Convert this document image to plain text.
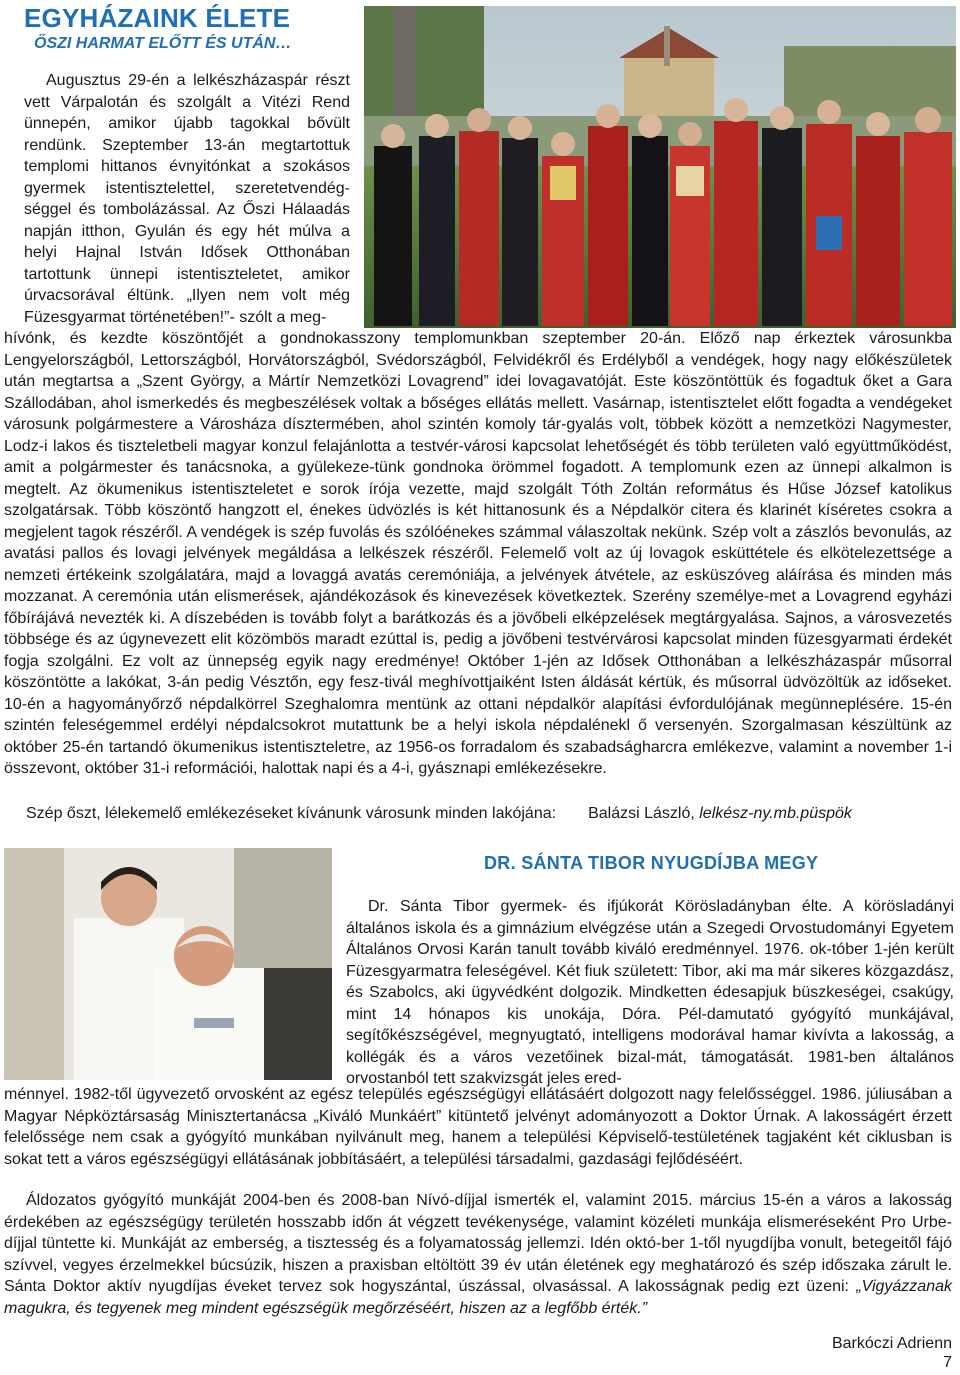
EGYHÁZAINK ÉLETE
ŐSZI HARMAT ELŐTT ÉS UTÁN…

Augusztus 29-én a lelkészházaspár részt vett Várpalotán és szolgált a Vitézi Rend ünnepén, amikor újabb tagokkal bővült rendünk. Szeptember 13-án megtartottuk templomi hittanos évnyitónkat a szokásos gyermek istentisztelettel, szeretetvendég-séggel és tombolázással. Az Őszi Hálaadás napján itthon, Gyulán és egy hét múlva a helyi Hajnal István Idősek Otthonában tartottunk ünnepi istentiszteletet, amikor úrvacsorával éltünk. „Ilyen nem volt még Füzesgyarmat történetében!”- szólt a meg-

hívónk, és kezdte köszöntőjét a gondnokasszony templomunkban szeptember 20-án. Előző nap érkeztek városunkba Lengyelországból, Lettországból, Horvátországból, Svédországból, Felvidékről és Erdélyből a vendégek, hogy nagy előkészületek után megtartsa a „Szent György, a Mártír Nemzetközi Lovagrend” idei lovagavatóját. Este köszöntöttük és fogadtuk őket a Gara Szállodában, ahol ismerkedés és megbeszélések voltak a bőséges ellátás mellett. Vasárnap, istentisztelet előtt fogadta a vendégeket városunk polgármestere a Városháza dísztermében, ahol szintén komoly tár-gyalás volt, többek között a nemzetközi Nagymester, Lodz-i lakos és tiszteletbeli magyar konzul felajánlotta a testvér-városi kapcsolat lehetőségét és több területen való együttműködést, amit a polgármester és tanácsnoka, a gyülekeze-tünk gondnoka örömmel fogadott. A templomunk ezen az ünnepi alkalmon is megtelt. Az ökumenikus istentiszteletet e sorok írója vezette, majd szolgált Tóth Zoltán református és Hűse József katolikus szolgatársak. Több köszöntő hangzott el, énekes üdvözlés is két hittanosunk és a Népdalkör citera és klarinét kíséretes csokra a megjelent tagok részéről. A vendégek is szép fuvolás és szólóénekes számmal válaszoltak nekünk. Szép volt a zászlós bevonulás, az avatási pallos és lovagi jelvények megáldása a lelkészek részéről. Felemelő volt az új lovagok esküttétele és elkötelezettsége a nemzeti értékeink szolgálatára, majd a lovaggá avatás ceremóniája, a jelvények átvétele, az esküszóveg aláírása és minden más mozzanat. A ceremónia után elismerések, ajándékozások és kinevezések következtek. Szerény személye-met a Lovagrend egyházi főbírájává nevezték ki. A díszebéden is tovább folyt a barátkozás és a jövőbeli elképzelések megtárgyalása. Sajnos, a városvezetés többsége és az úgynevezett elit közömbös maradt ezúttal is, pedig a jövőbeni testvérvárosi kapcsolat minden füzesgyarmati érdekét fogja szolgálni. Ez volt az ünnepség egyik nagy eredménye! Október 1-jén az Idősek Otthonában a lelkészházaspár műsorral köszöntötte a lakókat, 3-án pedig Vésztőn, egy fesz-tivál meghívottjaiként Isten áldását kértük, és műsorral üdvözöltük az időseket. 10-én a hagyományőrző népdalkörrel Szeghalomra mentünk az ottani népdalkör alapítási évfordulójának megünneplésére. 15-én szintén feleségemmel erdélyi népdalcsokrot mutattunk be a helyi iskola népdalénekl ő versenyén. Szorgalmasan készültünk az október 25-én tartandó ökumenikus istentiszteletre, az 1956-os forradalom és szabadságharcra emlékezve, valamint a november 1-i összevont, október 31-i reformációi, halottak napi és a 4-i, gyásznapi emlékezésekre.

Szép őszt, lélekemelő emlékezéseket kívánunk városunk minden lakójána: Balázsi László, lelkész-ny.mb.püspök

DR. SÁNTA TIBOR NYUGDÍJBA MEGY

Dr. Sánta Tibor gyermek- és ifjúkorát Körösladányban élte. A körösladányi általános iskola és a gimnázium elvégzése után a Szegedi Orvostudományi Egyetem Általános Orvosi Karán tanult tovább kiváló eredménnyel. 1976. ok-tóber 1-jén került Füzesgyarmatra feleségével. Két fiuk született: Tibor, aki ma már sikeres közgazdász, és Szabolcs, aki ügyvédként dolgozik. Mindketten édesapjuk büszkeségei, csakúgy, mint 14 hónapos kis unokája, Dóra. Pél-damutató gyógyító munkájával, segítőkészségével, megnyugtató, intelligens modorával hamar kivívta a lakosság, a kollégák és a város vezetőinek bizal-mát, támogatását. 1981-ben általános orvostanból tett szakvizsgát jeles ered-

ménnyel. 1982-től ügyvezető orvosként az egész település egészségügyi ellátásáért dolgozott nagy felelősséggel. 1986. júliusában a Magyar Népköztársaság Minisztertanácsa „Kiváló Munkáért” kitüntető jelvényt adományozott a Doktor Úrnak. A lakosságért érzett felelőssége nem csak a gyógyító munkában nyilvánult meg, hanem a települési Képviselő-testületének tagjaként két ciklusban is sokat tett a város egészségügyi ellátásának jobbításáért, a települési társadalmi, gazdasági fejlődéséért.

Áldozatos gyógyító munkáját 2004-ben és 2008-ban Nívó-díjjal ismerték el, valamint 2015. március 15-én a város a lakosság érdekében az egészségügy területén hosszabb időn át végzett tevékenysége, valamint közéleti munkája elismeréseként Pro Urbe-díjjal tüntette ki. Munkáját az emberség, a tisztesség és a folyamatosság jellemzi. Idén októ-ber 1-től nyugdíjba vonult, betegeitől fájó szívvel, vegyes érzelmekkel búcsúzik, hiszen a praxisban eltöltött 39 év után életének egy meghatározó és szép időszaka zárult le. Sánta Doktor aktív nyugdíjas éveket tervez sok hogyszántal, úszással, olvasással. A lakosságnak pedig ezt üzeni: „Vigyázzanak magukra, és tegyenek meg mindent egészségük megőrzéséért, hiszen az a legfőbb érték.”

Barkóczi Adrienn

7
